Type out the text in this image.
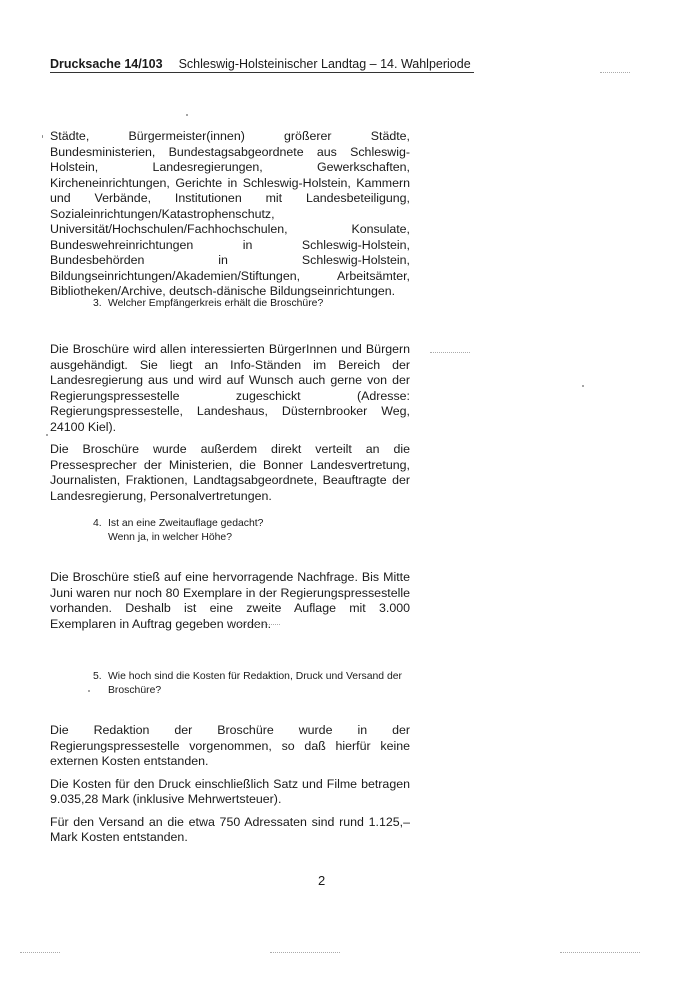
Drucksache 14/103 Schleswig-Holsteinischer Landtag – 14. Wahlperiode

Städte, Bürgermeister(innen) größerer Städte, Bundesministerien, Bundestagsabgeordnete aus Schleswig-Holstein, Landesregierungen, Gewerkschaften, Kircheneinrichtungen, Gerichte in Schleswig-Holstein, Kammern und Verbände, Institutionen mit Landesbeteiligung, Sozialeinrichtungen/Katastrophenschutz, Universität/Hochschulen/Fachhochschulen, Konsulate, Bundeswehreinrichtungen in Schleswig-Holstein, Bundesbehörden in Schleswig-Holstein, Bildungseinrichtungen/Akademien/Stiftungen, Arbeitsämter, Bibliotheken/Archive, deutsch-dänische Bildungseinrichtungen.

3. Welcher Empfängerkreis erhält die Broschüre?

Die Broschüre wird allen interessierten BürgerInnen und Bürgern ausgehändigt. Sie liegt an Info-Ständen im Bereich der Landesregierung aus und wird auf Wunsch auch gerne von der Regierungspressestelle zugeschickt (Adresse: Regierungspressestelle, Landeshaus, Düsternbrooker Weg, 24100 Kiel).

Die Broschüre wurde außerdem direkt verteilt an die Pressesprecher der Ministerien, die Bonner Landesvertretung, Journalisten, Fraktionen, Landtagsabgeordnete, Beauftragte der Landesregierung, Personalvertretungen.

4. Ist an eine Zweitauflage gedacht?
Wenn ja, in welcher Höhe?

Die Broschüre stieß auf eine hervorragende Nachfrage. Bis Mitte Juni waren nur noch 80 Exemplare in der Regierungspressestelle vorhanden. Deshalb ist eine zweite Auflage mit 3.000 Exemplaren in Auftrag gegeben worden.

5. Wie hoch sind die Kosten für Redaktion, Druck und Versand der
Broschüre?

Die Redaktion der Broschüre wurde in der Regierungspressestelle vorgenommen, so daß hierfür keine externen Kosten entstanden.

Die Kosten für den Druck einschließlich Satz und Filme betragen 9.035,28 Mark (inklusive Mehrwertsteuer).

Für den Versand an die etwa 750 Adressaten sind rund 1.125,– Mark Kosten entstanden.

2
